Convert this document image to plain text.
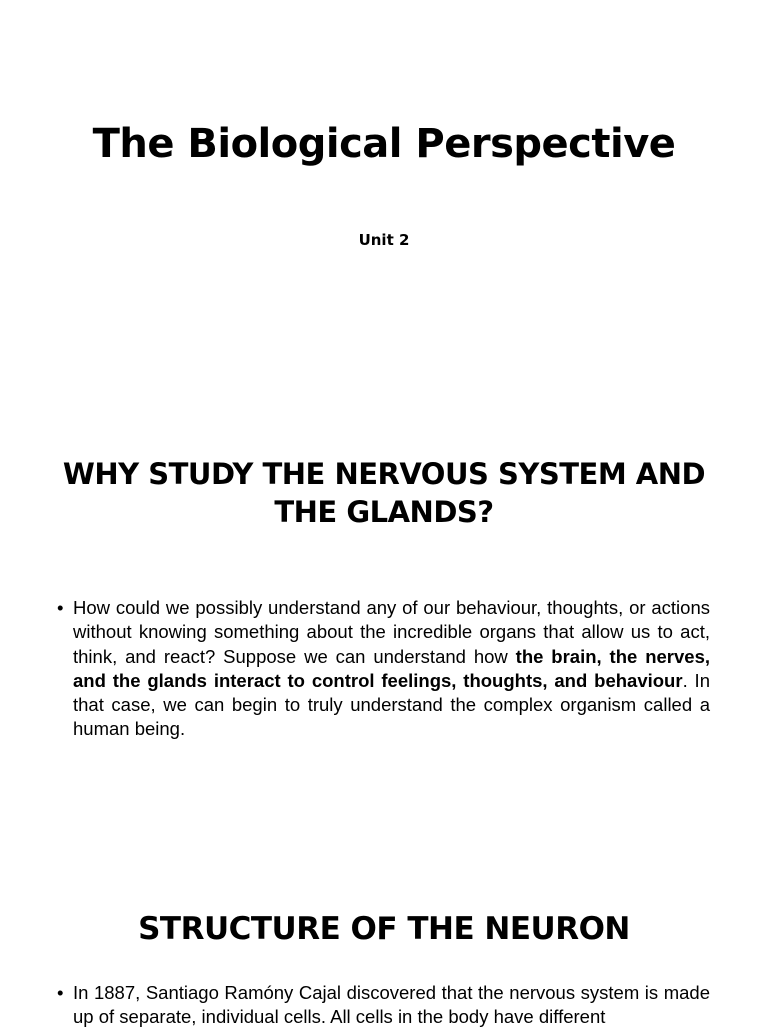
The Biological Perspective
Unit 2
WHY STUDY THE NERVOUS SYSTEM AND THE GLANDS?
• How could we possibly understand any of our behaviour, thoughts, or actions without knowing something about the incredible organs that allow us to act, think, and react? Suppose we can understand how the brain, the nerves, and the glands interact to control feelings, thoughts, and behaviour. In that case, we can begin to truly understand the complex organism called a human being.
STRUCTURE OF THE NEURON
• In 1887, Santiago Ramóny Cajal discovered that the nervous system is made up of separate, individual cells. All cells in the body have different
